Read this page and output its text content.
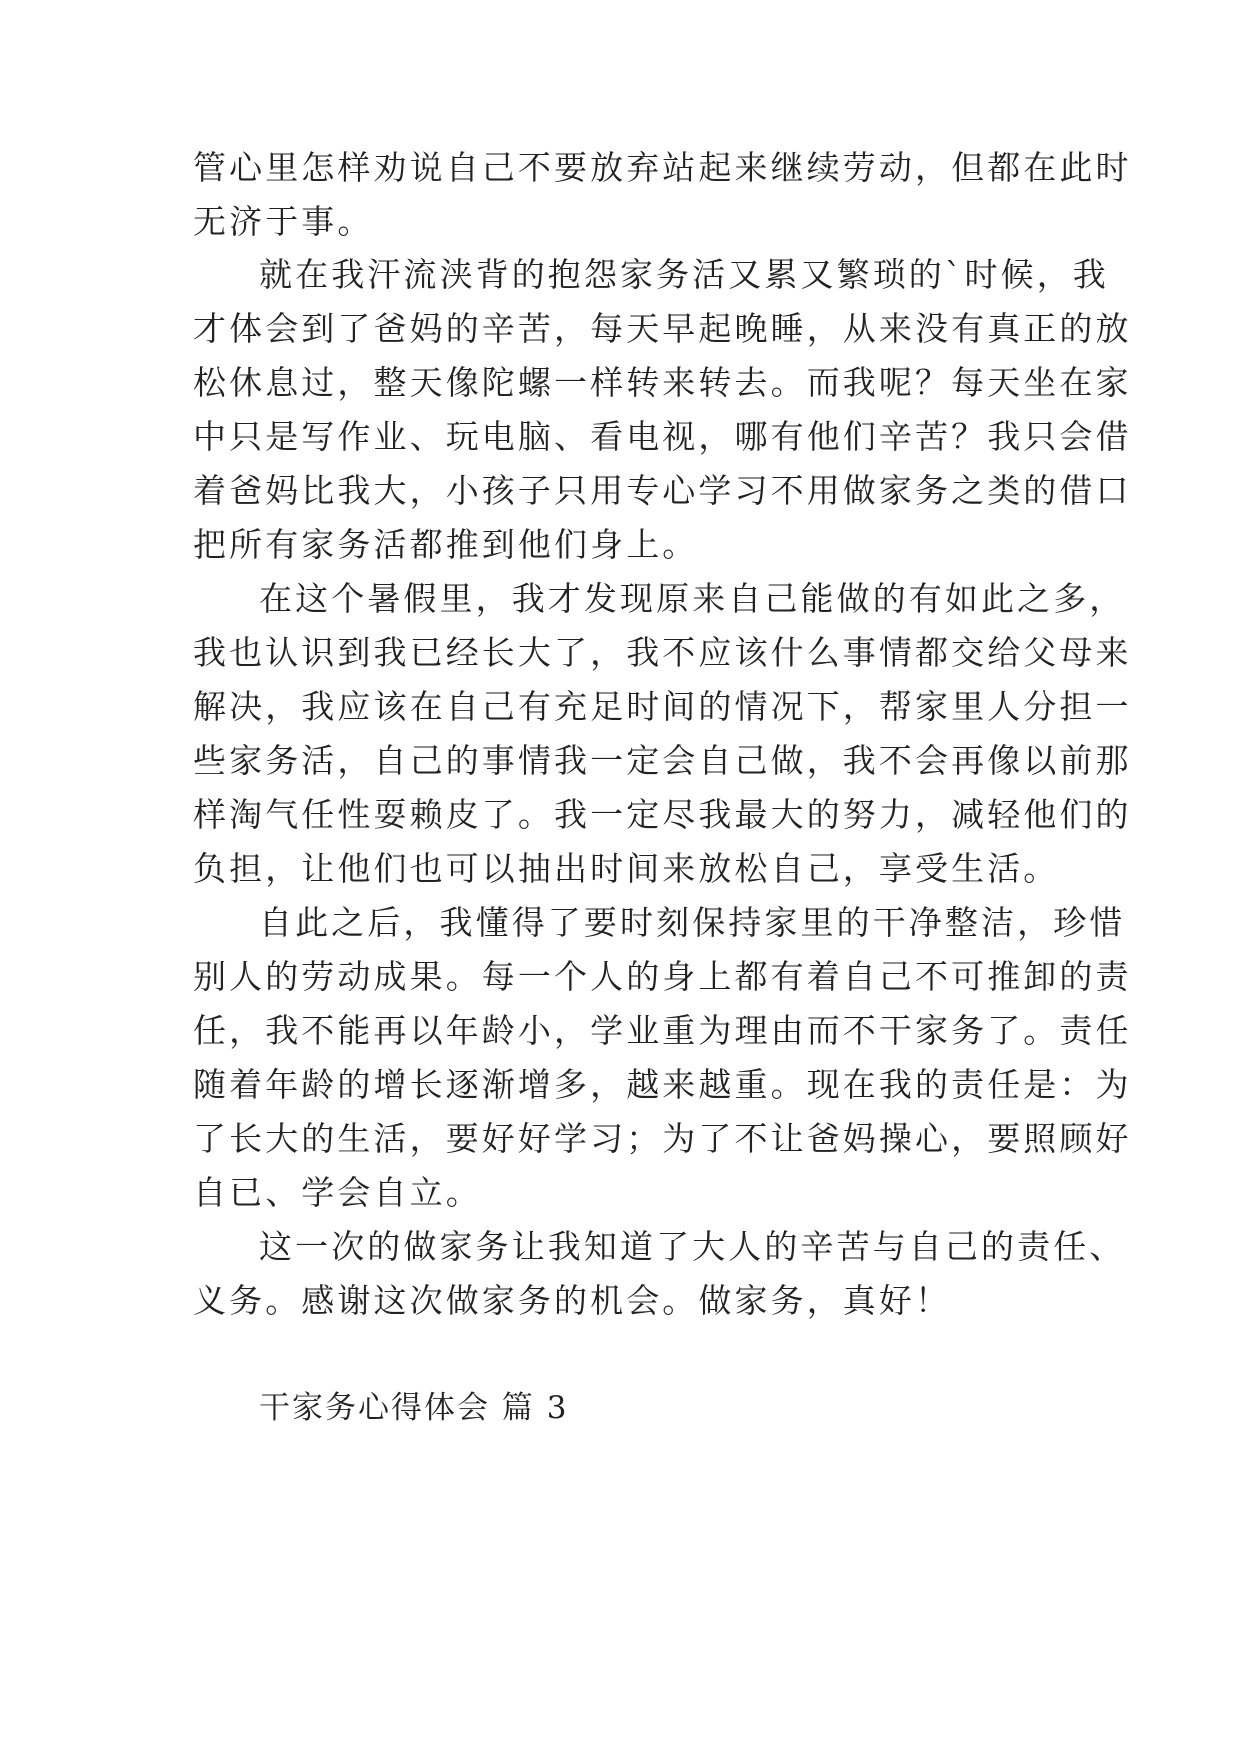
管心里怎样劝说自己不要放弃站起来继续劳动，但都在此时
无济于事。
就在我汗流浃背的抱怨家务活又累又繁琐的`时候，我
才体会到了爸妈的辛苦，每天早起晚睡，从来没有真正的放
松休息过，整天像陀螺一样转来转去。而我呢？每天坐在家
中只是写作业、玩电脑、看电视，哪有他们辛苦？我只会借
着爸妈比我大，小孩子只用专心学习不用做家务之类的借口
把所有家务活都推到他们身上。
在这个暑假里，我才发现原来自己能做的有如此之多，
我也认识到我已经长大了，我不应该什么事情都交给父母来
解决，我应该在自己有充足时间的情况下，帮家里人分担一
些家务活，自己的事情我一定会自己做，我不会再像以前那
样淘气任性耍赖皮了。我一定尽我最大的努力，减轻他们的
负担，让他们也可以抽出时间来放松自己，享受生活。
自此之后，我懂得了要时刻保持家里的干净整洁，珍惜
别人的劳动成果。每一个人的身上都有着自己不可推卸的责
任，我不能再以年龄小，学业重为理由而不干家务了。责任
随着年龄的增长逐渐增多，越来越重。现在我的责任是：为
了长大的生活，要好好学习；为了不让爸妈操心，要照顾好
自已、学会自立。
这一次的做家务让我知道了大人的辛苦与自己的责任、
义务。感谢这次做家务的机会。做家务，真好！
干家务心得体会 篇 3
